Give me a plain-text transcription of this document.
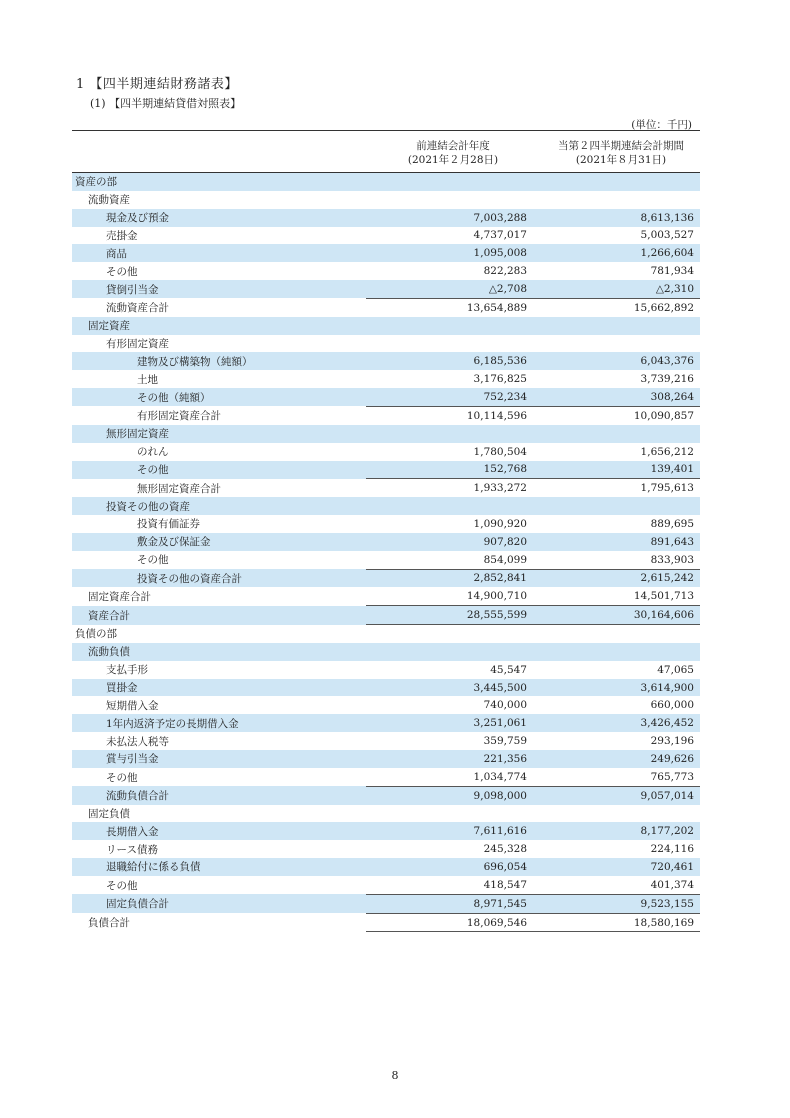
1 【四半期連結財務諸表】
(1) 【四半期連結貸借対照表】
(単位：千円)
前連結会計年度
(2021年２月28日)
当第２四半期連結会計期間
(2021年８月31日)
資産の部		
流動資産		
現金及び預金	7,003,288	8,613,136
売掛金	4,737,017	5,003,527
商品	1,095,008	1,266,604
その他	822,283	781,934
貸倒引当金	△2,708	△2,310
流動資産合計	13,654,889	15,662,892
固定資産		
有形固定資産		
建物及び構築物（純額）	6,185,536	6,043,376
土地	3,176,825	3,739,216
その他（純額）	752,234	308,264
有形固定資産合計	10,114,596	10,090,857
無形固定資産		
のれん	1,780,504	1,656,212
その他	152,768	139,401
無形固定資産合計	1,933,272	1,795,613
投資その他の資産		
投資有価証券	1,090,920	889,695
敷金及び保証金	907,820	891,643
その他	854,099	833,903
投資その他の資産合計	2,852,841	2,615,242
固定資産合計	14,900,710	14,501,713
資産合計	28,555,599	30,164,606
負債の部		
流動負債		
支払手形	45,547	47,065
買掛金	3,445,500	3,614,900
短期借入金	740,000	660,000
1年内返済予定の長期借入金	3,251,061	3,426,452
未払法人税等	359,759	293,196
賞与引当金	221,356	249,626
その他	1,034,774	765,773
流動負債合計	9,098,000	9,057,014
固定負債		
長期借入金	7,611,616	8,177,202
リース債務	245,328	224,116
退職給付に係る負債	696,054	720,461
その他	418,547	401,374
固定負債合計	8,971,545	9,523,155
負債合計	18,069,546	18,580,169
8
